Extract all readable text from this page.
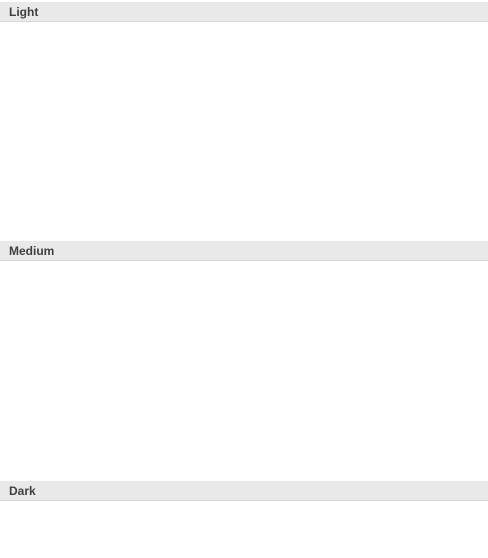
Light
Medium
Dark
